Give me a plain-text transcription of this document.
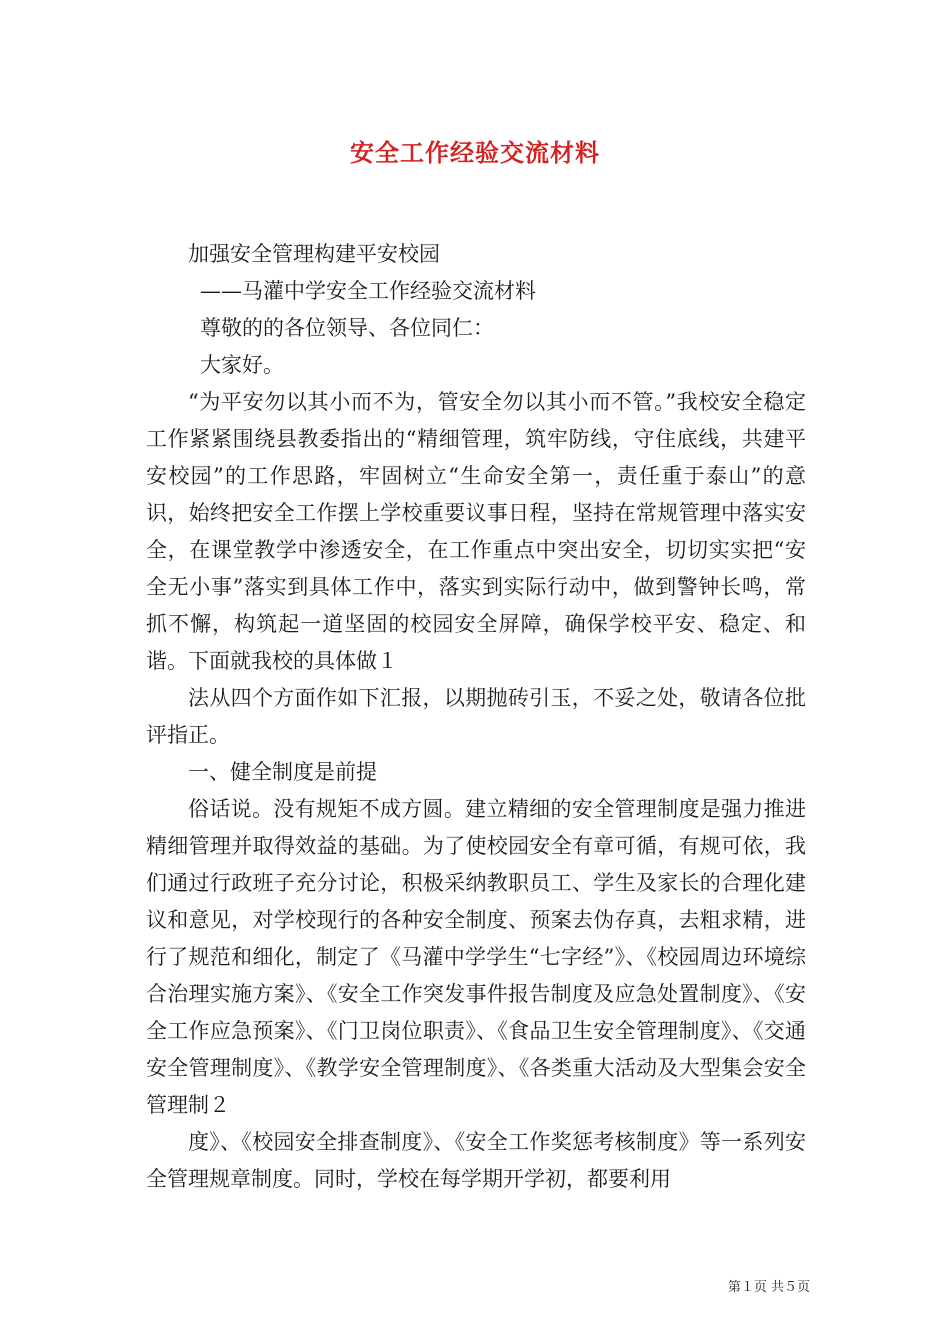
安全工作经验交流材料

加强安全管理构建平安校园

——马灌中学安全工作经验交流材料

尊敬的的各位领导、各位同仁：

大家好。

“为平安勿以其小而不为，管安全勿以其小而不管。”我校安全稳定工作紧紧围绕县教委指出的“精细管理，筑牢防线，守住底线，共建平安校园”的工作思路，牢固树立“生命安全第一，责任重于泰山”的意识，始终把安全工作摆上学校重要议事日程，坚持在常规管理中落实安全，在课堂教学中渗透安全，在工作重点中突出安全，切切实实把“安全无小事”落实到具体工作中，落实到实际行动中，做到警钟长鸣，常抓不懈，构筑起一道坚固的校园安全屏障，确保学校平安、稳定、和谐。下面就我校的具体做１

法从四个方面作如下汇报，以期抛砖引玉，不妥之处，敬请各位批评指正。

一、健全制度是前提

俗话说。没有规矩不成方圆。建立精细的安全管理制度是强力推进精细管理并取得效益的基础。为了使校园安全有章可循，有规可依，我们通过行政班子充分讨论，积极采纳教职员工、学生及家长的合理化建议和意见，对学校现行的各种安全制度、预案去伪存真，去粗求精，进行了规范和细化，制定了《马灌中学学生“七字经”》、《校园周边环境综合治理实施方案》、《安全工作突发事件报告制度及应急处置制度》、《安全工作应急预案》、《门卫岗位职责》、《食品卫生安全管理制度》、《交通安全管理制度》、《教学安全管理制度》、《各类重大活动及大型集会安全管理制２

度》、《校园安全排查制度》、《安全工作奖惩考核制度》等一系列安全管理规章制度。同时，学校在每学期开学初，都要利用

第１页 共５页
